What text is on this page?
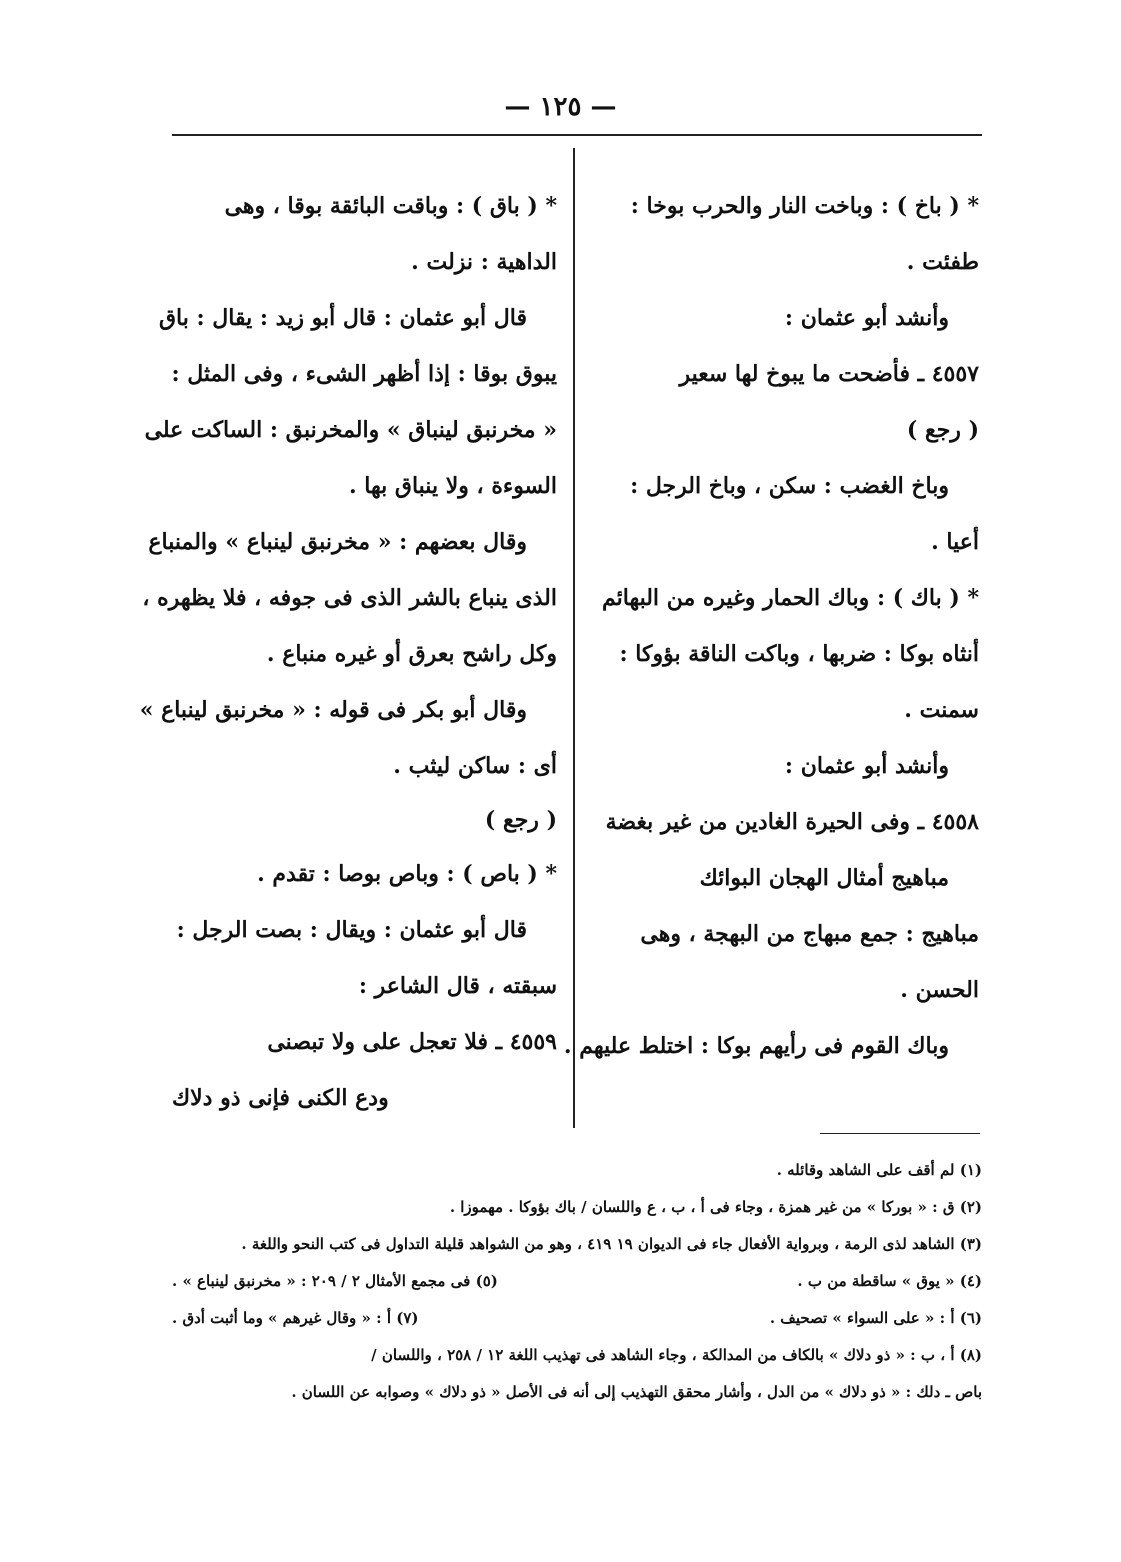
— ١٢٥ —
* ( باخ ) : وباخت النار والحرب بوخا :
طفئت .
وأنشد أبو عثمان :
٤٥٥٧ ـ فأضحت ما يبوخ لها سعير
( رجع )
وباخ الغضب : سكن ، وباخ الرجل :
أعيا .
* ( باك ) : وباك الحمار وغيره من البهائم
أنثاه بوكا : ضربها ، وباكت الناقة بؤوكا :
سمنت .
وأنشد أبو عثمان :
٤٥٥٨ ـ وفى الحيرة الغادين من غير بغضة
مباهيج أمثال الهجان البوائك
مباهيج : جمع مبهاج من البهجة ، وهى
الحسن .
وباك القوم فى رأيهم بوكا : اختلط عليهم .
* ( باق ) : وباقت البائقة بوقا ، وهى
الداهية : نزلت .
قال أبو عثمان : قال أبو زيد : يقال : باق
يبوق بوقا : إذا أظهر الشىء ، وفى المثل :
« مخرنبق لينباق » والمخرنبق : الساكت على
السوءة ، ولا ينباق بها .
وقال بعضهم : « مخرنبق لينباع » والمنباع
الذى ينباع بالشر الذى فى جوفه ، فلا يظهره ،
وكل راشح بعرق أو غيره منباع .
وقال أبو بكر فى قوله : « مخرنبق لينباع »
أى : ساكن ليثب .
( رجع )
* ( باص ) : وباص بوصا : تقدم .
قال أبو عثمان : ويقال : بصت الرجل :
سبقته ، قال الشاعر :
٤٥٥٩ ـ فلا تعجل على ولا تبصنى
ودع الكنى فإنى ذو دلاك
(١) لم أقف على الشاهد وقائله .
(٢) ق : « بوركا » من غير همزة ، وجاء فى أ ، ب ، ع واللسان / باك بؤوكا . مهموزا .
(٣) الشاهد لذى الرمة ، وبرواية الأفعال جاء فى الديوان ١٩ ٤١٩ ، وهو من الشواهد قليلة التداول فى كتب النحو واللغة .
(٤) « يوق » ساقطة من ب .
(٥) فى مجمع الأمثال ٢ / ٢٠٩ : « مخرنبق لينباع » .
(٦) أ : « على السواء » تصحيف .
(٧) أ : « وقال غيرهم » وما أثبت أدق .
(٨) أ ، ب : « ذو دلاك » بالكاف من المدالكة ، وجاء الشاهد فى تهذيب اللغة ١٢ / ٢٥٨ ، واللسان /
باص ـ دلك : « ذو دلاك » من الدل ، وأشار محقق التهذيب إلى أنه فى الأصل « ذو دلاك » وصوابه عن اللسان .
